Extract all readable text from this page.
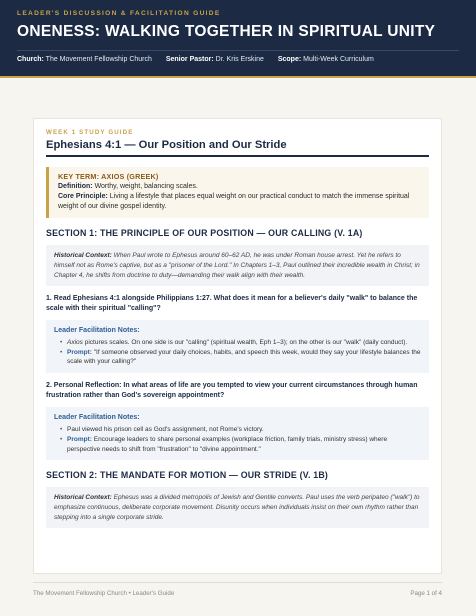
LEADER'S DISCUSSION & FACILITATION GUIDE
ONENESS: WALKING TOGETHER IN SPIRITUAL UNITY
Church: The Movement Fellowship Church Senior Pastor: Dr. Kris Erskine Scope: Multi-Week Curriculum
WEEK 1 STUDY GUIDE
Ephesians 4:1 — Our Position and Our Stride
KEY TERM: AXIOS (GREEK)
Definition: Worthy, weight, balancing scales.
Core Principle: Living a lifestyle that places equal weight on our practical conduct to match the immense spiritual weight of our divine gospel identity.
SECTION 1: THE PRINCIPLE OF OUR POSITION — OUR CALLING (V. 1A)
Historical Context: When Paul wrote to Ephesus around 60–62 AD, he was under Roman house arrest. Yet he refers to himself not as Rome's captive, but as a "prisoner of the Lord." In Chapters 1–3, Paul outlined their incredible wealth in Christ; in Chapter 4, he shifts from doctrine to duty—demanding their walk align with their wealth.
1. Read Ephesians 4:1 alongside Philippians 1:27. What does it mean for a believer's daily "walk" to balance the scale with their spiritual "calling"?
Leader Facilitation Notes:
• Axios pictures scales. On one side is our "calling" (spiritual wealth, Eph 1–3); on the other is our "walk" (daily conduct).
• Prompt: "If someone observed your daily choices, habits, and speech this week, would they say your lifestyle balances the scale with your calling?"
2. Personal Reflection: In what areas of life are you tempted to view your current circumstances through human frustration rather than God's sovereign appointment?
Leader Facilitation Notes:
• Paul viewed his prison cell as God's assignment, not Rome's victory.
• Prompt: Encourage leaders to share personal examples (workplace friction, family trials, ministry stress) where perspective needs to shift from "frustration" to "divine appointment."
SECTION 2: THE MANDATE FOR MOTION — OUR STRIDE (V. 1B)
Historical Context: Ephesus was a divided metropolis of Jewish and Gentile converts. Paul uses the verb peripateo ("walk") to emphasize continuous, deliberate corporate movement. Disunity occurs when individuals insist on their own rhythm rather than stepping into a single corporate stride.
The Movement Fellowship Church • Leader's Guide	Page 1 of 4
